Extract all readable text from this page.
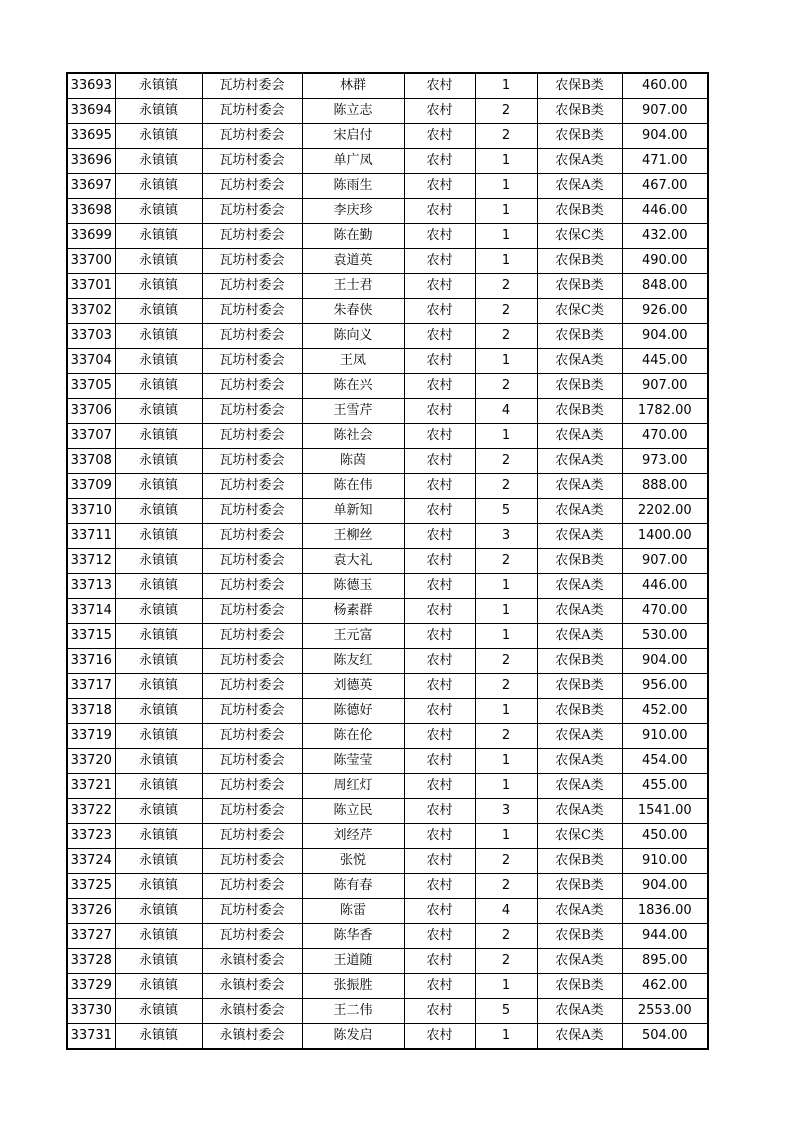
33693	永镇镇	瓦坊村委会	林群	农村	1	农保B类	460.00
33694	永镇镇	瓦坊村委会	陈立志	农村	2	农保B类	907.00
33695	永镇镇	瓦坊村委会	宋启付	农村	2	农保B类	904.00
33696	永镇镇	瓦坊村委会	单广凤	农村	1	农保A类	471.00
33697	永镇镇	瓦坊村委会	陈雨生	农村	1	农保A类	467.00
33698	永镇镇	瓦坊村委会	李庆珍	农村	1	农保B类	446.00
33699	永镇镇	瓦坊村委会	陈在勤	农村	1	农保C类	432.00
33700	永镇镇	瓦坊村委会	袁道英	农村	1	农保B类	490.00
33701	永镇镇	瓦坊村委会	王士君	农村	2	农保B类	848.00
33702	永镇镇	瓦坊村委会	朱春侠	农村	2	农保C类	926.00
33703	永镇镇	瓦坊村委会	陈向义	农村	2	农保B类	904.00
33704	永镇镇	瓦坊村委会	王凤	农村	1	农保A类	445.00
33705	永镇镇	瓦坊村委会	陈在兴	农村	2	农保B类	907.00
33706	永镇镇	瓦坊村委会	王雪芹	农村	4	农保B类	1782.00
33707	永镇镇	瓦坊村委会	陈社会	农村	1	农保A类	470.00
33708	永镇镇	瓦坊村委会	陈茵	农村	2	农保A类	973.00
33709	永镇镇	瓦坊村委会	陈在伟	农村	2	农保A类	888.00
33710	永镇镇	瓦坊村委会	单新知	农村	5	农保A类	2202.00
33711	永镇镇	瓦坊村委会	王柳丝	农村	3	农保A类	1400.00
33712	永镇镇	瓦坊村委会	袁大礼	农村	2	农保B类	907.00
33713	永镇镇	瓦坊村委会	陈德玉	农村	1	农保A类	446.00
33714	永镇镇	瓦坊村委会	杨素群	农村	1	农保A类	470.00
33715	永镇镇	瓦坊村委会	王元富	农村	1	农保A类	530.00
33716	永镇镇	瓦坊村委会	陈友红	农村	2	农保B类	904.00
33717	永镇镇	瓦坊村委会	刘德英	农村	2	农保B类	956.00
33718	永镇镇	瓦坊村委会	陈德好	农村	1	农保B类	452.00
33719	永镇镇	瓦坊村委会	陈在伦	农村	2	农保A类	910.00
33720	永镇镇	瓦坊村委会	陈莹莹	农村	1	农保A类	454.00
33721	永镇镇	瓦坊村委会	周红灯	农村	1	农保A类	455.00
33722	永镇镇	瓦坊村委会	陈立民	农村	3	农保A类	1541.00
33723	永镇镇	瓦坊村委会	刘经芹	农村	1	农保C类	450.00
33724	永镇镇	瓦坊村委会	张悦	农村	2	农保B类	910.00
33725	永镇镇	瓦坊村委会	陈有春	农村	2	农保B类	904.00
33726	永镇镇	瓦坊村委会	陈雷	农村	4	农保A类	1836.00
33727	永镇镇	瓦坊村委会	陈华香	农村	2	农保B类	944.00
33728	永镇镇	永镇村委会	王道随	农村	2	农保A类	895.00
33729	永镇镇	永镇村委会	张振胜	农村	1	农保B类	462.00
33730	永镇镇	永镇村委会	王二伟	农村	5	农保A类	2553.00
33731	永镇镇	永镇村委会	陈发启	农村	1	农保A类	504.00
